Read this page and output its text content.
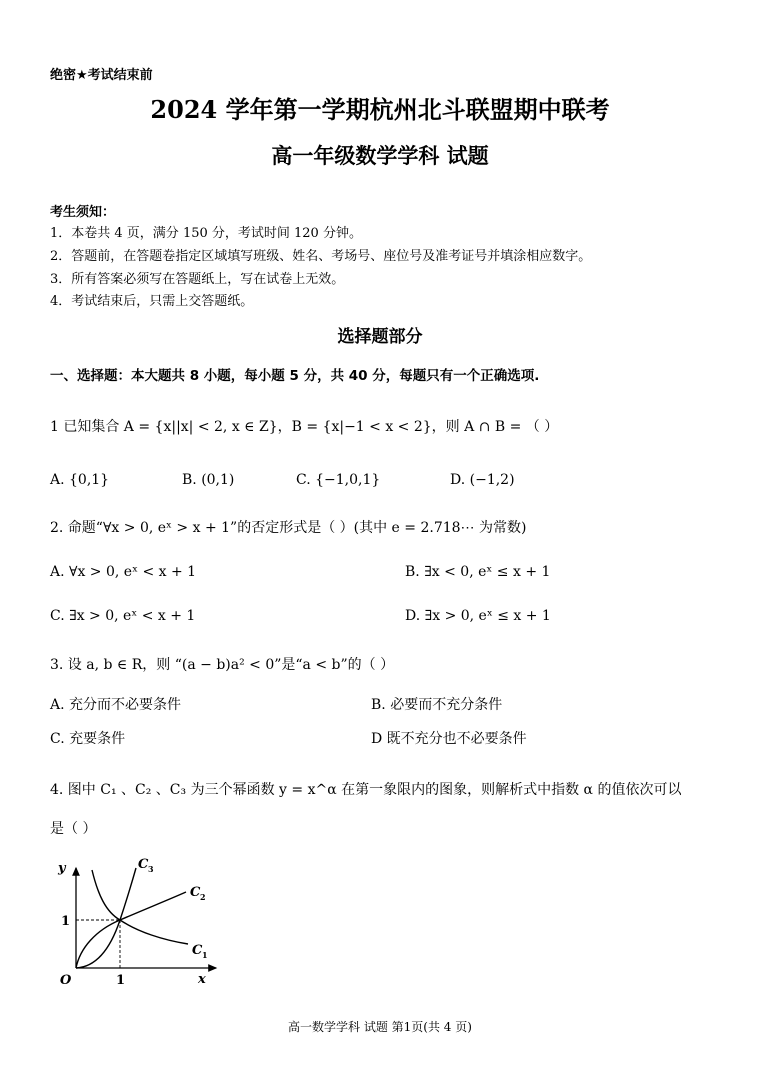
绝密★考试结束前
2024 学年第一学期杭州北斗联盟期中联考
高一年级数学学科 试题
考生须知：
1．本卷共 4 页，满分 150 分，考试时间 120 分钟。
2．答题前，在答题卷指定区域填写班级、姓名、考场号、座位号及准考证号并填涂相应数字。
3．所有答案必须写在答题纸上，写在试卷上无效。
4．考试结束后，只需上交答题纸。
选择题部分
一、选择题：本大题共 8 小题，每小题 5 分，共 40 分，每题只有一个正确选项.
1 已知集合 A = {x||x| < 2, x ∈ Z}，B = {x|−1 < x < 2}，则 A ∩ B = （ ）
A. {0,1}	B. (0,1)	C. {−1,0,1}	D. (−1,2)
2. 命题“∀x > 0, eˣ > x + 1”的否定形式是（ ）(其中 e = 2.718⋯ 为常数)
A. ∀x > 0, eˣ < x + 1	B. ∃x < 0, eˣ ≤ x + 1
C. ∃x > 0, eˣ < x + 1	D. ∃x > 0, eˣ ≤ x + 1
3. 设 a, b ∈ R，则 “(a − b)a² < 0”是“a < b”的（ ）
A. 充分而不必要条件	B. 必要而不充分条件
C. 充要条件	D 既不充分也不必要条件
4. 图中 C₁ 、C₂ 、C₃ 为三个幂函数 y = x^α 在第一象限内的图象，则解析式中指数 α 的值依次可以
是（ ）
y
x
O
1
1
C 3
C 2
C 1
高一数学学科 试题 第1页(共 4 页)
